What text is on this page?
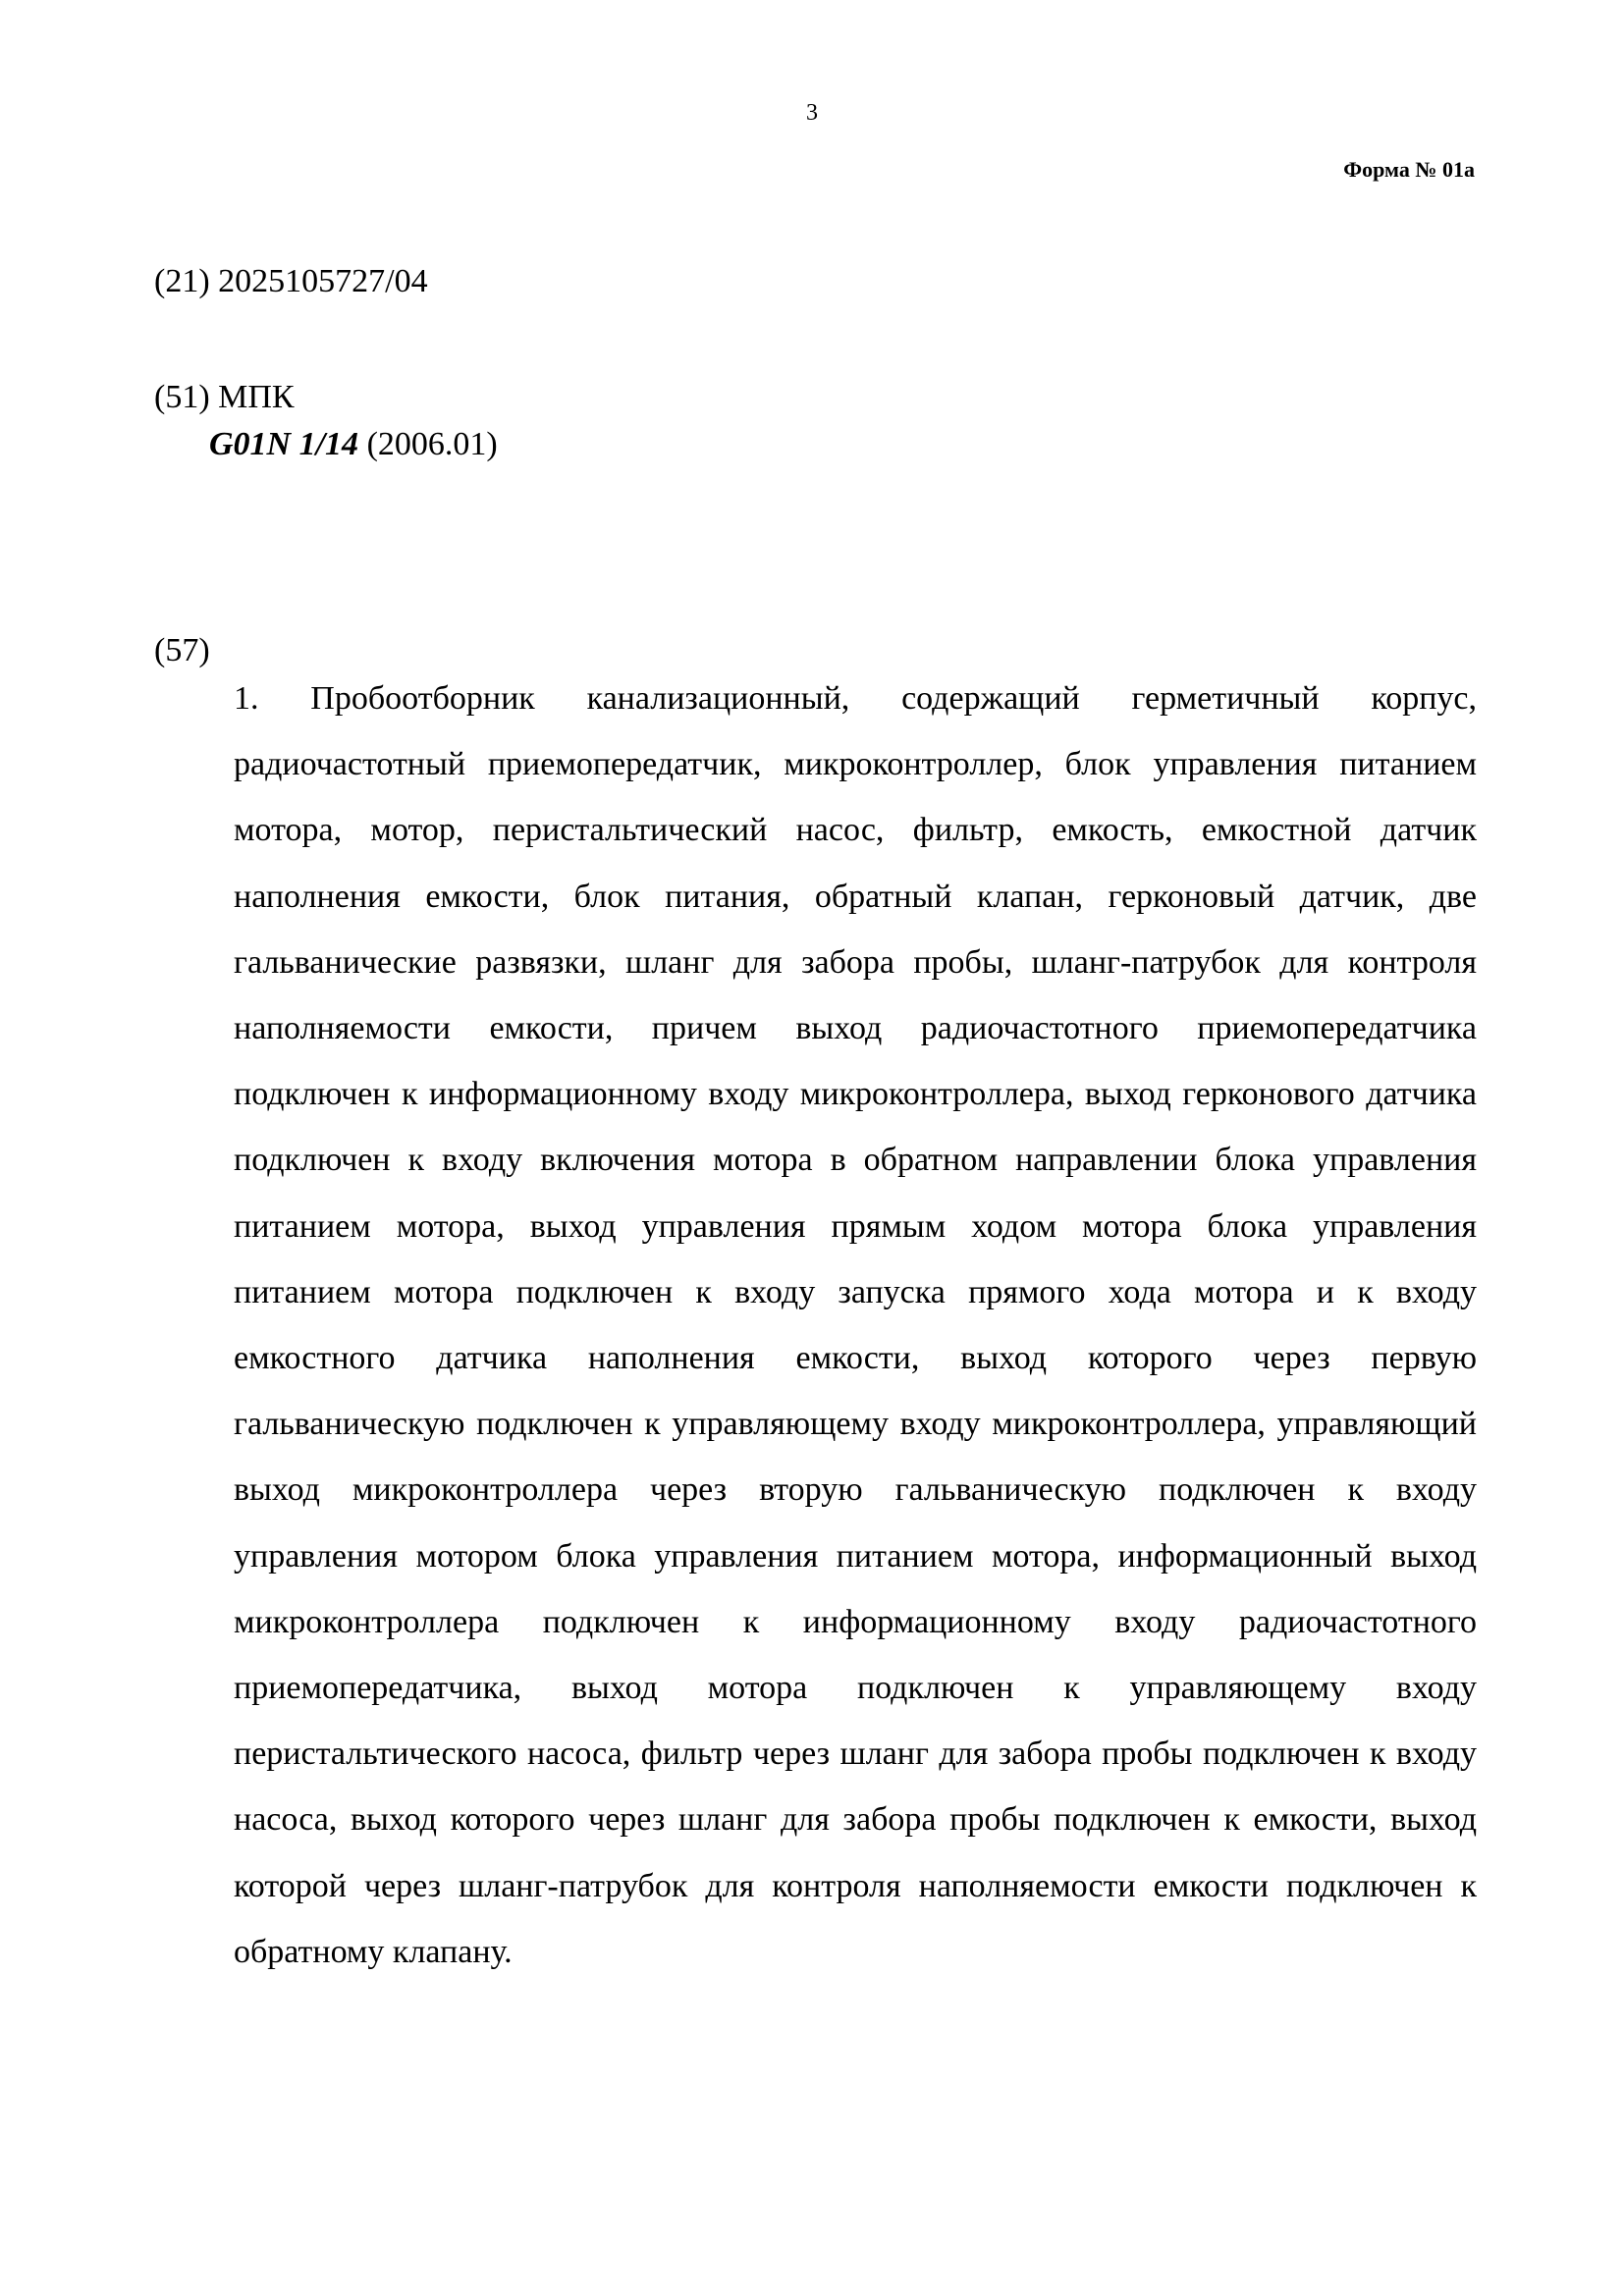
3
Форма № 01а
(21) 2025105727/04
(51) МПК
G01N 1/14 (2006.01)
(57)

1. Пробоотборник канализационный, содержащий герметичный корпус, радиочастотный приемопередатчик, микроконтроллер, блок управления питанием мотора, мотор, перистальтический насос, фильтр, емкость, емкостной датчик наполнения емкости, блок питания, обратный клапан, герконовый датчик, две гальванические развязки, шланг для забора пробы, шланг-патрубок для контроля наполняемости емкости, причем выход радиочастотного приемопередатчика подключен к информационному входу микроконтроллера, выход герконового датчика подключен к входу включения мотора в обратном направлении блока управления питанием мотора, выход управления прямым ходом мотора блока управления питанием мотора подключен к входу запуска прямого хода мотора и к входу емкостного датчика наполнения емкости, выход которого через первую гальваническую подключен к управляющему входу микроконтроллера, управляющий выход микроконтроллера через вторую гальваническую подключен к входу управления мотором блока управления питанием мотора, информационный выход микроконтроллера подключен к информационному входу радиочастотного приемопередатчика, выход мотора подключен к управляющему входу перистальтического насоса, фильтр через шланг для забора пробы подключен к входу насоса, выход которого через шланг для забора пробы подключен к емкости, выход которой через шланг-патрубок для контроля наполняемости емкости подключен к обратному клапану.
